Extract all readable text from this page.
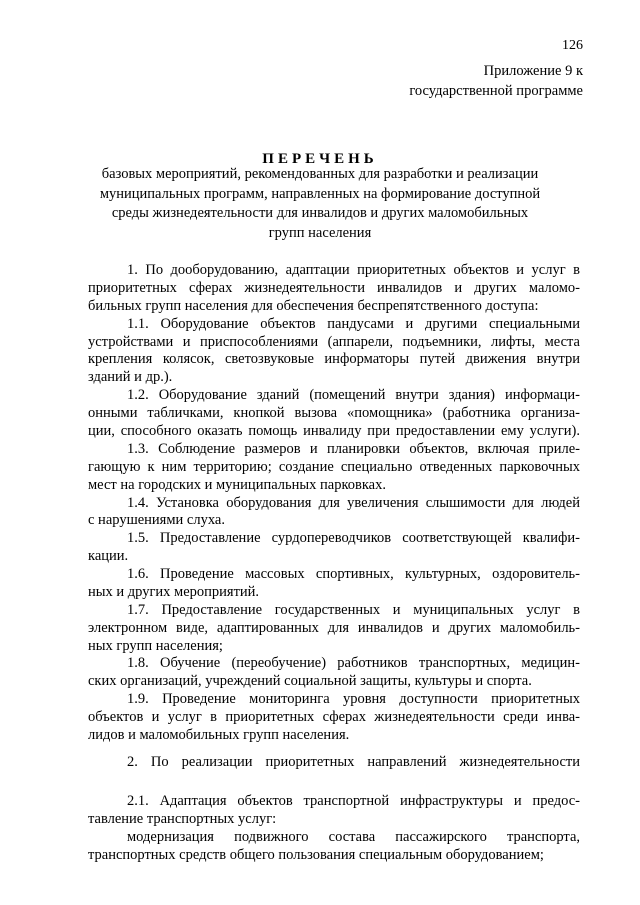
126
Приложение 9 к
государственной программе
ПЕРЕЧЕНЬ
базовых мероприятий, рекомендованных для разработки и реализации
муниципальных программ, направленных на формирование доступной
среды жизнедеятельности для инвалидов и других маломобильных
групп населения
1. По дооборудованию, адаптации приоритетных объектов и услуг в
приоритетных сферах жизнедеятельности инвалидов и других маломо-
бильных групп населения для обеспечения беспрепятственного доступа:
1.1. Оборудование объектов пандусами и другими специальными
устройствами и приспособлениями (аппарели, подъемники, лифты, места
крепления колясок, светозвуковые информаторы путей движения внутри
зданий и др.).
1.2. Оборудование зданий (помещений внутри здания) информаци-
онными табличками, кнопкой вызова «помощника» (работника организа-
ции, способного оказать помощь инвалиду при предоставлении ему услуги).
1.3. Соблюдение размеров и планировки объектов, включая приле-
гающую к ним территорию; создание специально отведенных парковочных
мест на городских и муниципальных парковках.
1.4. Установка оборудования для увеличения слышимости для людей
с нарушениями слуха.
1.5. Предоставление сурдопереводчиков соответствующей квалифи-
кации.
1.6. Проведение массовых спортивных, культурных, оздоровитель-
ных и других мероприятий.
1.7. Предоставление государственных и муниципальных услуг в
электронном виде, адаптированных для инвалидов и других маломобиль-
ных групп населения;
1.8. Обучение (переобучение) работников транспортных, медицин-
ских организаций, учреждений социальной защиты, культуры и спорта.
1.9. Проведение мониторинга уровня доступности приоритетных
объектов и услуг в приоритетных сферах жизнедеятельности среди инва-
лидов и маломобильных групп населения.
2. По реализации приоритетных направлений жизнедеятельности
2.1. Адаптация объектов транспортной инфраструктуры и предос-
тавление транспортных услуг:
модернизация подвижного состава пассажирского транспорта,
транспортных средств общего пользования специальным оборудованием;
